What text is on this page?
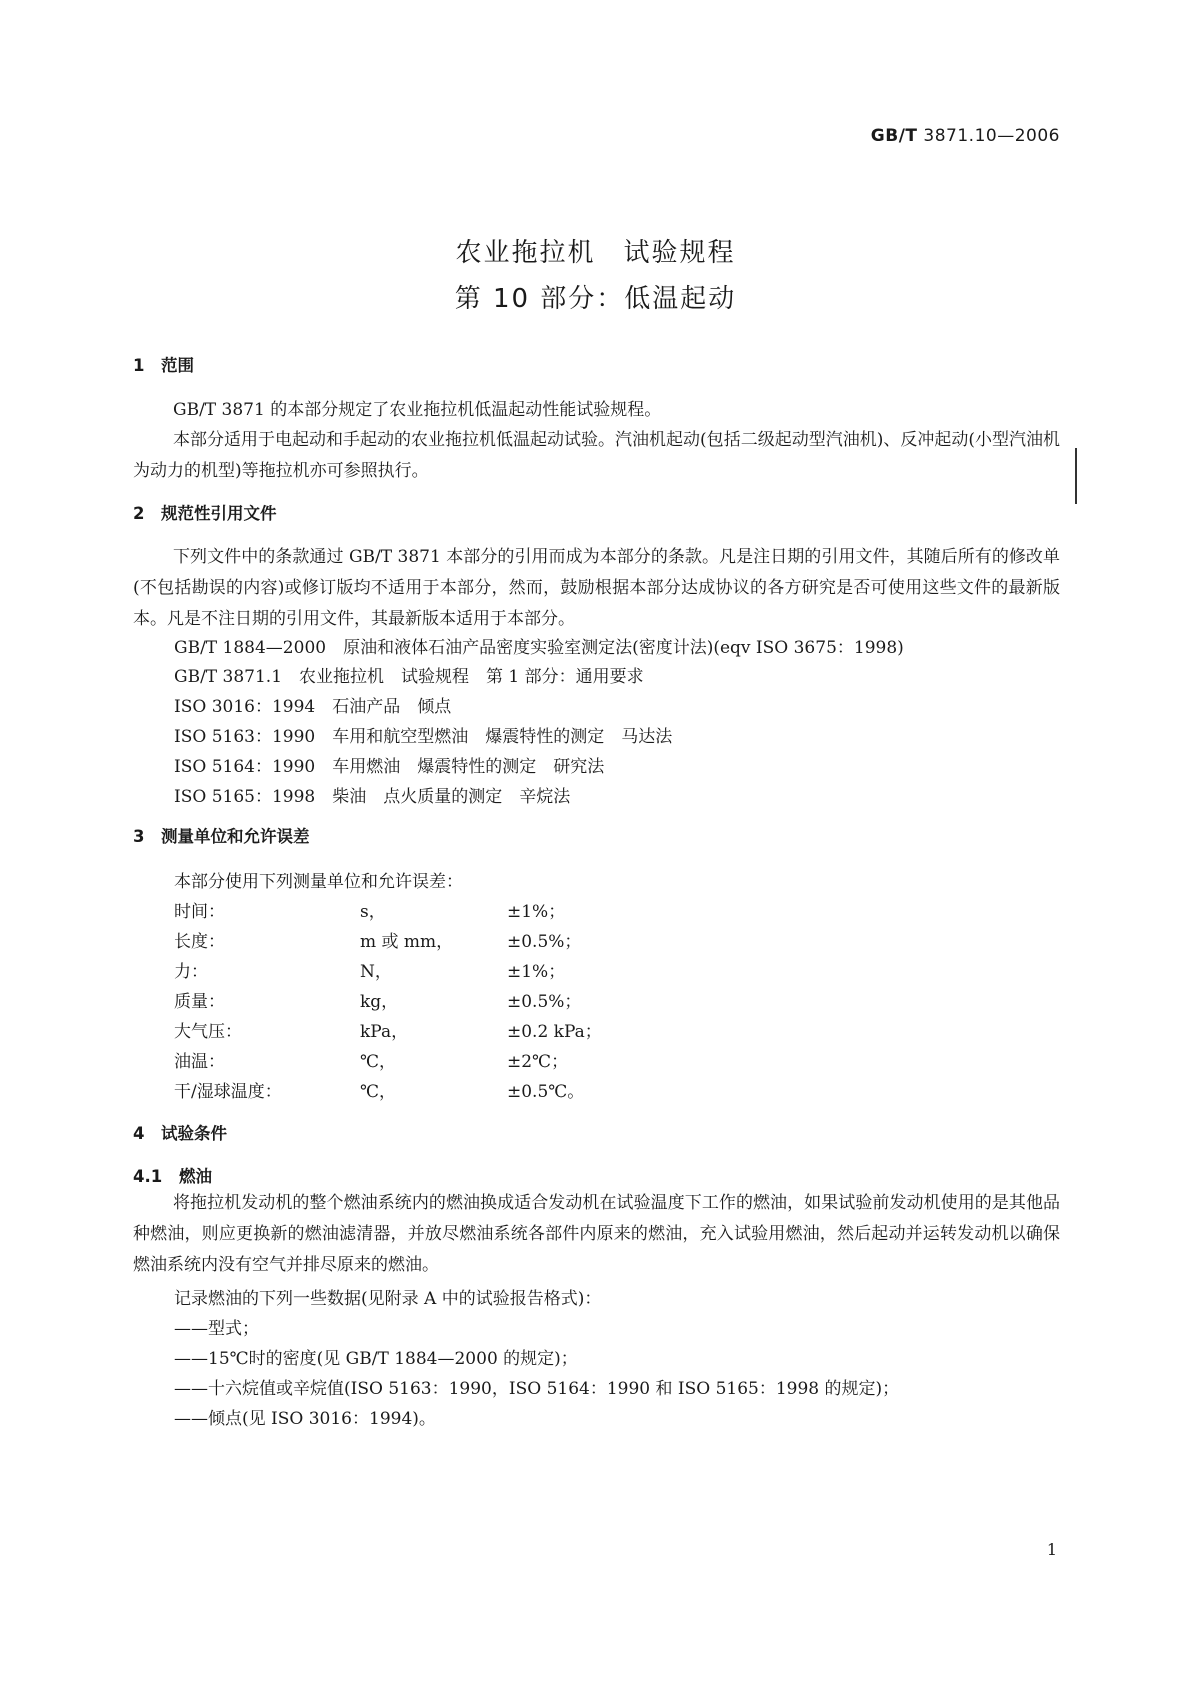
GB/T 3871.10—2006
农业拖拉机　试验规程
第 10 部分：低温起动
1 范围
GB/T 3871 的本部分规定了农业拖拉机低温起动性能试验规程。
本部分适用于电起动和手起动的农业拖拉机低温起动试验。汽油机起动(包括二级起动型汽油机)、反冲起动(小型汽油机为动力的机型)等拖拉机亦可参照执行。
2 规范性引用文件
下列文件中的条款通过 GB/T 3871 本部分的引用而成为本部分的条款。凡是注日期的引用文件，其随后所有的修改单(不包括勘误的内容)或修订版均不适用于本部分，然而，鼓励根据本部分达成协议的各方研究是否可使用这些文件的最新版本。凡是不注日期的引用文件，其最新版本适用于本部分。
GB/T 1884—2000　原油和液体石油产品密度实验室测定法(密度计法)(eqv ISO 3675：1998)
GB/T 3871.1　农业拖拉机　试验规程　第 1 部分：通用要求
ISO 3016：1994　石油产品　倾点
ISO 5163：1990　车用和航空型燃油　爆震特性的测定　马达法
ISO 5164：1990　车用燃油　爆震特性的测定　研究法
ISO 5165：1998　柴油　点火质量的测定　辛烷法
3 测量单位和允许误差
本部分使用下列测量单位和允许误差：
时间：	s，	±1%；
长度：	m 或 mm，	±0.5%；
力：	N，	±1%；
质量：	kg，	±0.5%；
大气压：	kPa，	±0.2 kPa；
油温：	℃，	±2℃；
干/湿球温度：	℃，	±0.5℃。
4 试验条件
4.1 燃油
将拖拉机发动机的整个燃油系统内的燃油换成适合发动机在试验温度下工作的燃油，如果试验前发动机使用的是其他品种燃油，则应更换新的燃油滤清器，并放尽燃油系统各部件内原来的燃油，充入试验用燃油，然后起动并运转发动机以确保燃油系统内没有空气并排尽原来的燃油。
记录燃油的下列一些数据(见附录 A 中的试验报告格式)：
——型式；
——15℃时的密度(见 GB/T 1884—2000 的规定)；
——十六烷值或辛烷值(ISO 5163：1990，ISO 5164：1990 和 ISO 5165：1998 的规定)；
——倾点(见 ISO 3016：1994)。
1
